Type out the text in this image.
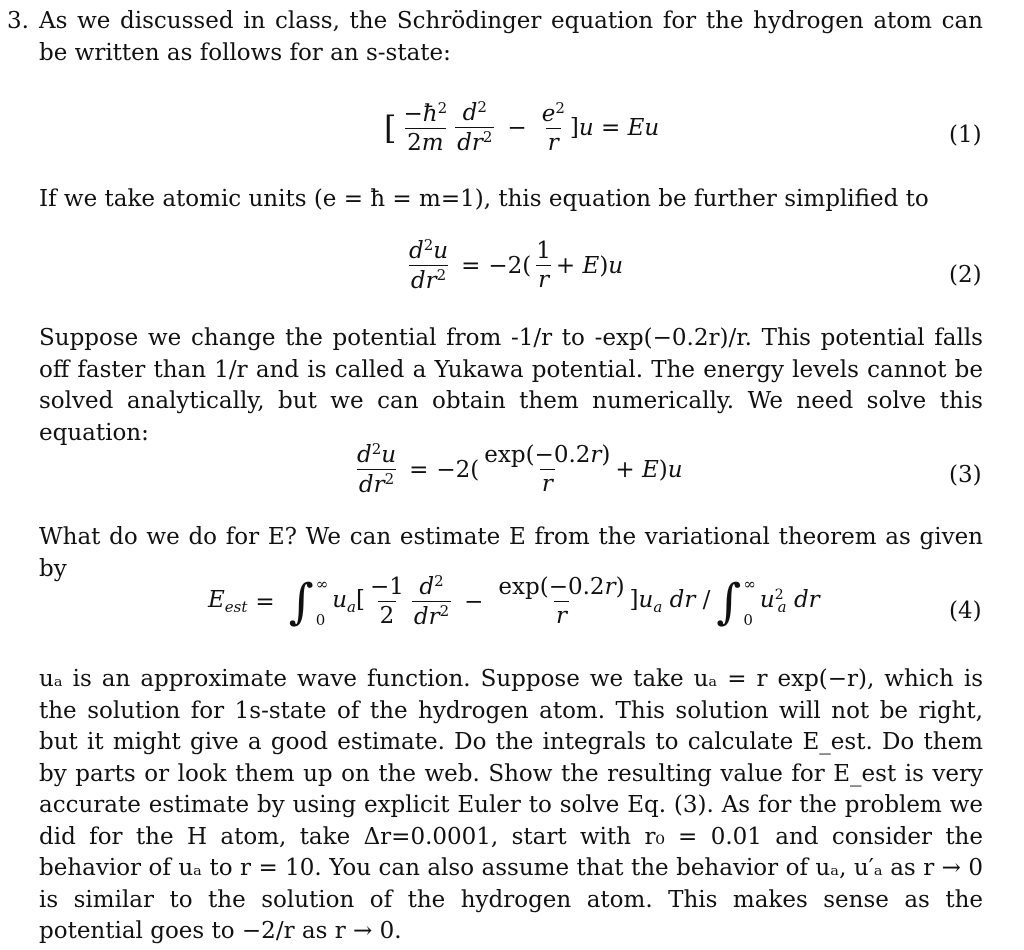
3. As we discussed in class, the Schrödinger equation for the hydrogen atom can be written as follows for an s-state:
[ $\frac{-ħ^2}{2m} \frac{d^2}{dr^2} - \frac{e^2}{r} ]u = Eu$	(1)
If we take atomic units (e = ħ = m=1), this equation be further simplified to
$\frac{d^2u}{dr^2} = -2( \frac{1}{r} + E)u$	(2)
Suppose we change the potential from -1/r to -exp(−0.2r)/r. This potential falls off faster than 1/r and is called a Yukawa potential. The energy levels cannot be solved analytically, but we can obtain them numerically. We need solve this equation:
$\frac{d^2u}{dr^2} = -2( \frac{\exp(-0.2r)}{r} + E)u$	(3)
What do we do for E? We can estimate E from the variational theorem as given by
$E_{est}$ = ∫ ∞
0
$u_a[ \frac{-1}{2} \frac{d^2}{dr^2} - \frac{\exp(-0.2r)}{r} ]u_a$ dr / ∫ ∞
0
$u^2_a$ dr	(4)
uₐ is an approximate wave function. Suppose we take uₐ = r exp(−r), which is the solution for 1s-state of the hydrogen atom. This solution will not be right, but it might give a good estimate. Do the integrals to calculate E_est. Do them by parts or look them up on the web. Show the resulting value for E_est is very accurate estimate by using explicit Euler to solve Eq. (3). As for the problem we did for the H atom, take Δr=0.0001, start with r₀ = 0.01 and consider the behavior of uₐ to r = 10. You can also assume that the behavior of uₐ, u′ₐ as r → 0 is similar to the solution of the hydrogen atom. This makes sense as the potential goes to −2/r as r → 0.
